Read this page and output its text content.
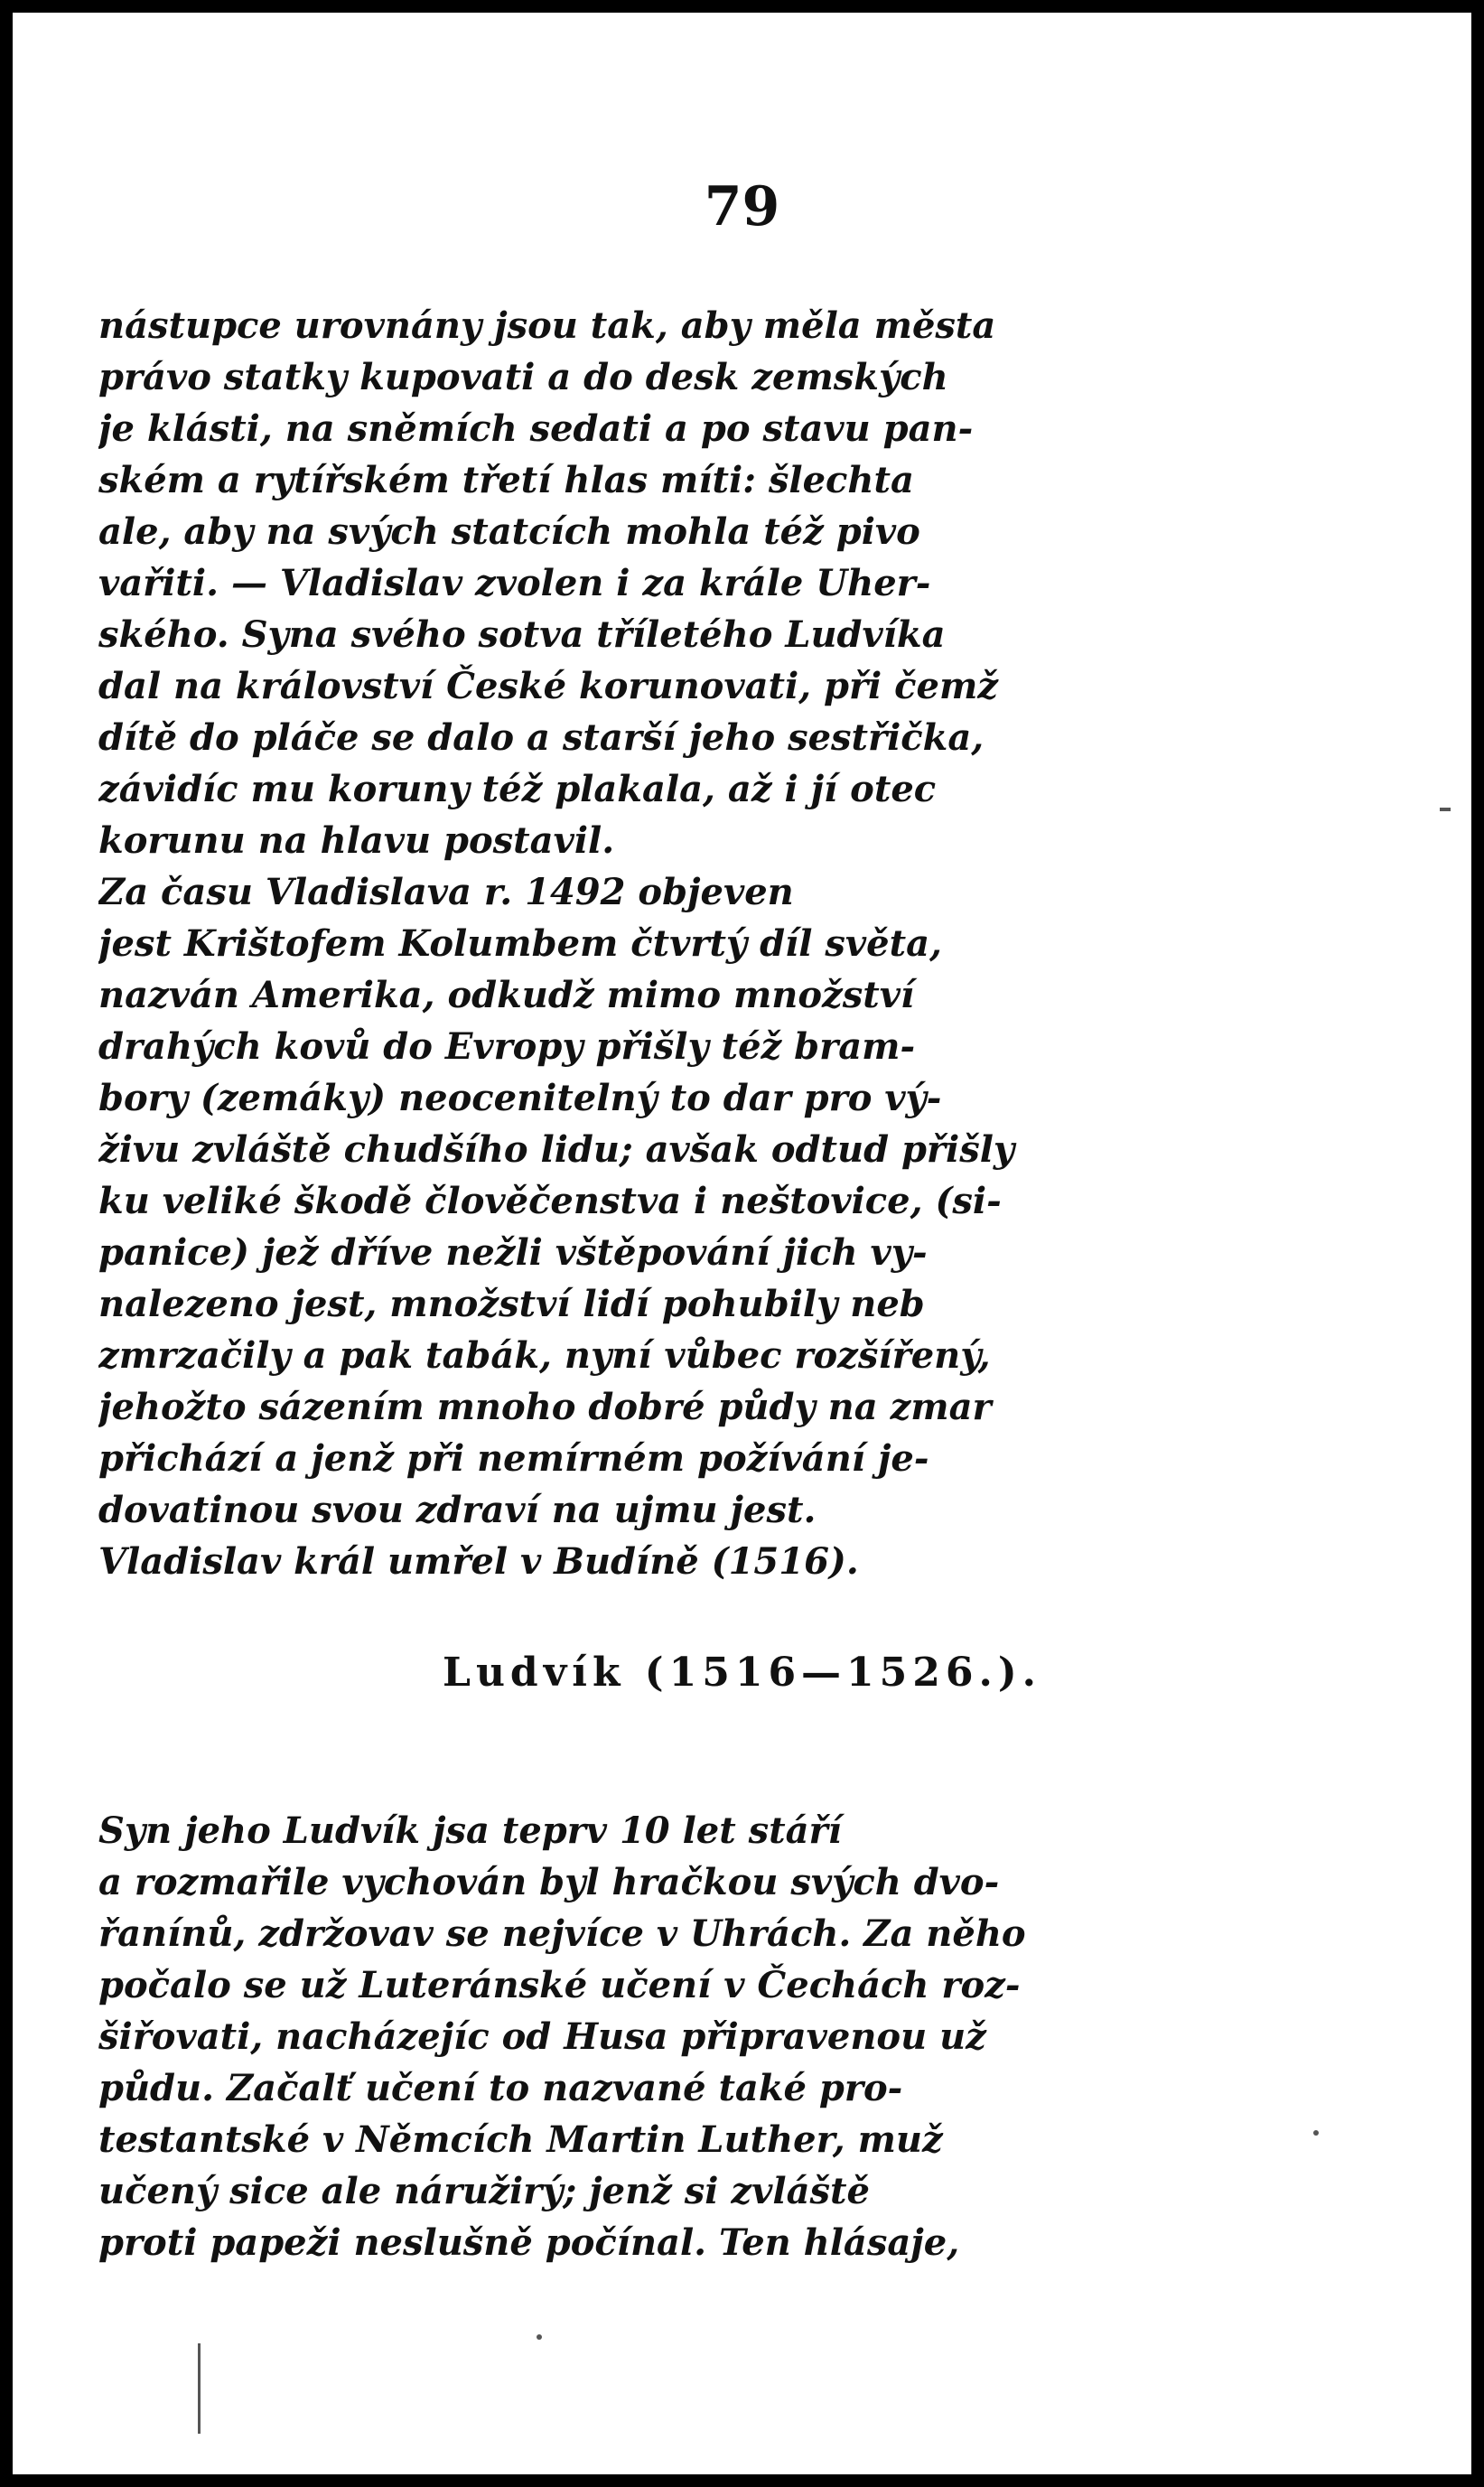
79
nástupce urovnány jsou tak, aby měla města
právo statky kupovati a do desk zemských
je klásti, na sněmích sedati a po stavu pan-
ském a rytířském třetí hlas míti: šlechta
ale, aby na svých statcích mohla též pivo
vařiti. — Vladislav zvolen i za krále Uher-
ského. Syna svého sotva tříletého Ludvíka
dal na království České korunovati, při čemž
dítě do pláče se dalo a starší jeho sestřička,
závidíc mu koruny též plakala, až i jí otec
korunu na hlavu postavil.
Za času Vladislava r. 1492 objeven
jest Krištofem Kolumbem čtvrtý díl světa,
nazván Amerika, odkudž mimo množství
drahých kovů do Evropy přišly též bram-
bory (zemáky) neocenitelný to dar pro vý-
živu zvláště chudšího lidu; avšak odtud přišly
ku veliké škodě člověčenstva i neštovice, (si-
panice) jež dříve nežli vštěpování jich vy-
nalezeno jest, množství lidí pohubily neb
zmrzačily a pak tabák, nyní vůbec rozšířený,
jehožto sázením mnoho dobré půdy na zmar
přichází a jenž při nemírném požívání je-
dovatinou svou zdraví na ujmu jest.
Vladislav král umřel v Budíně (1516).
Syn jeho Ludvík jsa teprv 10 let stáří
a rozmařile vychován byl hračkou svých dvo-
řanínů, zdržovav se nejvíce v Uhrách. Za něho
počalo se už Luteránské učení v Čechách roz-
šiřovati, nacházejíc od Husa připravenou už
půdu. Začalť učení to nazvané také pro-
testantské v Němcích Martin Luther, muž
učený sice ale náružirý; jenž si zvláště
proti papeži neslušně počínal. Ten hlásaje,
Ludvík (1516—1526.).
